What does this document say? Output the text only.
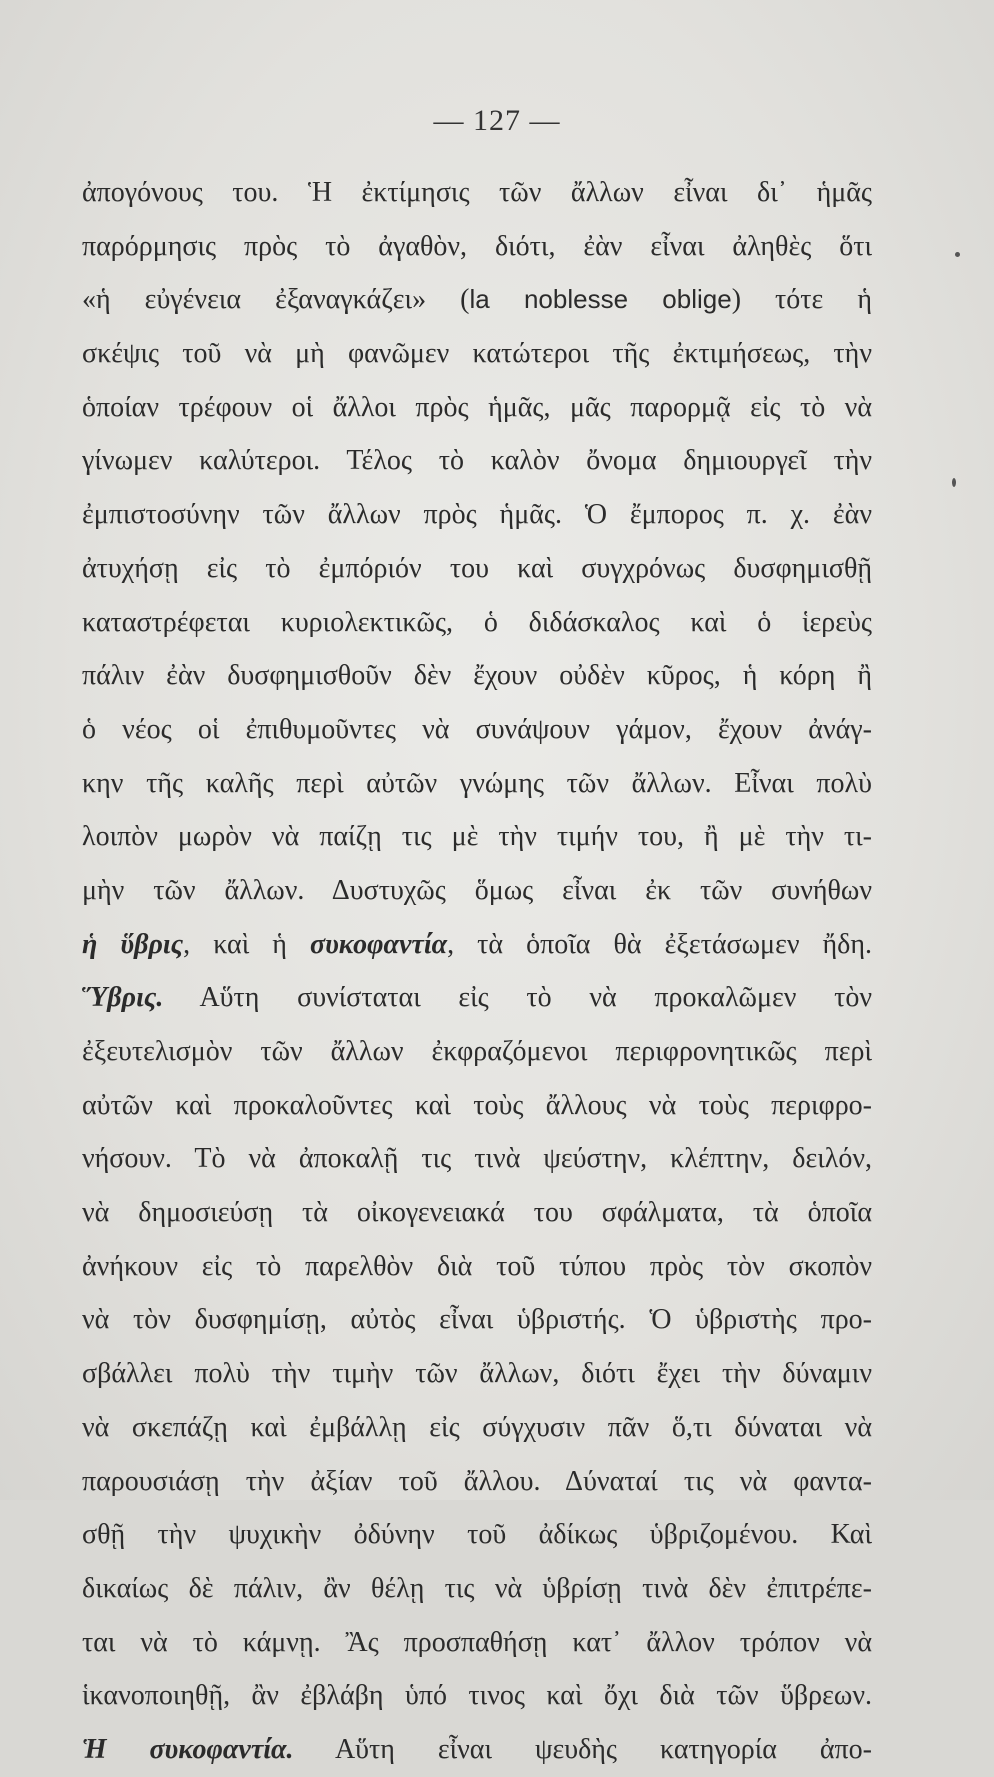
— 127 —
ἀπογόνους του. Ἡ ἐκτίμησις τῶν ἄλλων εἶναι δι᾽ ἡμᾶς
παρόρμησις πρὸς τὸ ἀγαθὸν, διότι, ἐὰν εἶναι ἀληθὲς ὅτι
«ἡ εὐγένεια ἐξαναγκάζει» (la noblesse oblige) τότε ἡ
σκέψις τοῦ νὰ μὴ φανῶμεν κατώτεροι τῆς ἐκτιμήσεως, τὴν
ὁποίαν τρέφουν οἱ ἄλλοι πρὸς ἡμᾶς, μᾶς παρορμᾷ εἰς τὸ νὰ
γίνωμεν καλύτεροι. Τέλος τὸ καλὸν ὄνομα δημιουργεῖ τὴν
ἐμπιστοσύνην τῶν ἄλλων πρὸς ἡμᾶς. Ὁ ἔμπορος π. χ. ἐὰν
ἀτυχήσῃ εἰς τὸ ἐμπόριόν του καὶ συγχρόνως δυσφημισθῇ
καταστρέφεται κυριολεκτικῶς, ὁ διδάσκαλος καὶ ὁ ἱερεὺς
πάλιν ἐὰν δυσφημισθοῦν δὲν ἔχουν οὐδὲν κῦρος, ἡ κόρη ἢ
ὁ νέος οἱ ἐπιθυμοῦντες νὰ συνάψουν γάμον, ἔχουν ἀνάγ-
κην τῆς καλῆς περὶ αὐτῶν γνώμης τῶν ἄλλων. Εἶναι πολὺ
λοιπὸν μωρὸν νὰ παίζῃ τις μὲ τὴν τιμήν του, ἢ μὲ τὴν τι-
μὴν τῶν ἄλλων. Δυστυχῶς ὅμως εἶναι ἐκ τῶν συνήθων
ἡ ὕβρις, καὶ ἡ συκοφαντία, τὰ ὁποῖα θὰ ἐξετάσωμεν ἤδη.
Ὕβρις. Αὕτη συνίσταται εἰς τὸ νὰ προκαλῶμεν τὸν
ἐξευτελισμὸν τῶν ἄλλων ἐκφραζόμενοι περιφρονητικῶς περὶ
αὐτῶν καὶ προκαλοῦντες καὶ τοὺς ἄλλους νὰ τοὺς περιφρο-
νήσουν. Τὸ νὰ ἀποκαλῇ τις τινὰ ψεύστην, κλέπτην, δειλόν,
νὰ δημοσιεύσῃ τὰ οἰκογενειακά του σφάλματα, τὰ ὁποῖα
ἀνήκουν εἰς τὸ παρελθὸν διὰ τοῦ τύπου πρὸς τὸν σκοπὸν
νὰ τὸν δυσφημίσῃ, αὐτὸς εἶναι ὑβριστής. Ὁ ὑβριστὴς προ-
σβάλλει πολὺ τὴν τιμὴν τῶν ἄλλων, διότι ἔχει τὴν δύναμιν
νὰ σκεπάζῃ καὶ ἐμβάλλῃ εἰς σύγχυσιν πᾶν ὅ,τι δύναται νὰ
παρουσιάσῃ τὴν ἀξίαν τοῦ ἄλλου. Δύναταί τις νὰ φαντα-
σθῇ τὴν ψυχικὴν ὀδύνην τοῦ ἀδίκως ὑβριζομένου. Καὶ
δικαίως δὲ πάλιν, ἂν θέλῃ τις νὰ ὑβρίσῃ τινὰ δὲν ἐπιτρέπε-
ται νὰ τὸ κάμνῃ. Ἂς προσπαθήσῃ κατ᾽ ἄλλον τρόπον νὰ
ἱκανοποιηθῇ, ἂν ἐβλάβη ὑπό τινος καὶ ὄχι διὰ τῶν ὕβρεων.
Ἡ συκοφαντία. Αὕτη εἶναι ψευδὴς κατηγορία ἀπο-
